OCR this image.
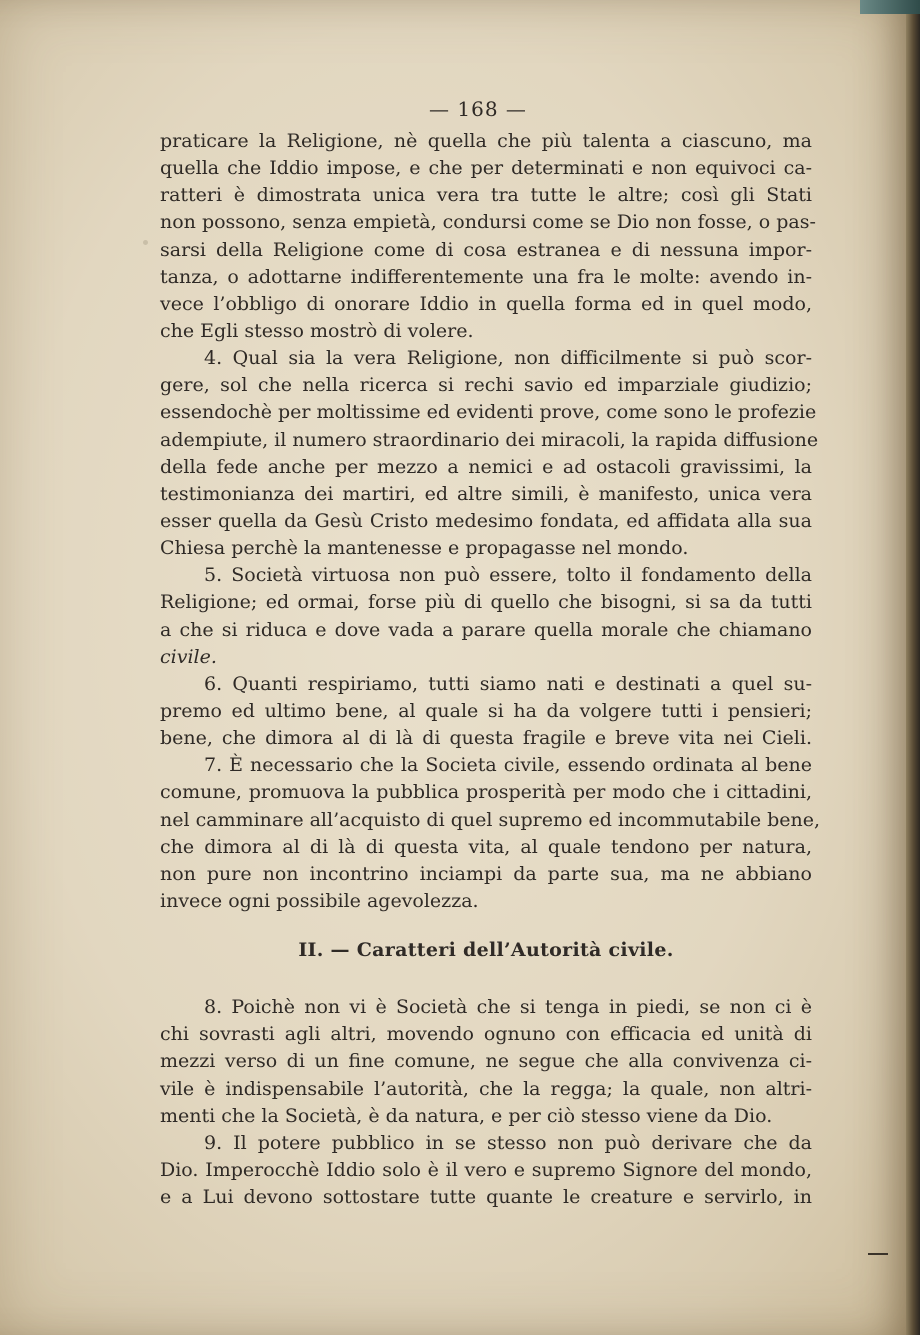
— 168 —
praticare la Religione, nè quella che più talenta a ciascuno, ma
quella che Iddio impose, e che per determinati e non equivoci ca-
ratteri è dimostrata unica vera tra tutte le altre; così gli Stati
non possono, senza empietà, condursi come se Dio non fosse, o pas-
sarsi della Religione come di cosa estranea e di nessuna impor-
tanza, o adottarne indifferentemente una fra le molte: avendo in-
vece l’obbligo di onorare Iddio in quella forma ed in quel modo,
che Egli stesso mostrò di volere.
4. Qual sia la vera Religione, non difficilmente si può scor-
gere, sol che nella ricerca si rechi savio ed imparziale giudizio;
essendochè per moltissime ed evidenti prove, come sono le profezie
adempiute, il numero straordinario dei miracoli, la rapida diffusione
della fede anche per mezzo a nemici e ad ostacoli gravissimi, la
testimonianza dei martiri, ed altre simili, è manifesto, unica vera
esser quella da Gesù Cristo medesimo fondata, ed affidata alla sua
Chiesa perchè la mantenesse e propagasse nel mondo.
5. Società virtuosa non può essere, tolto il fondamento della
Religione; ed ormai, forse più di quello che bisogni, si sa da tutti
a che si riduca e dove vada a parare quella morale che chiamano
civile.
6. Quanti respiriamo, tutti siamo nati e destinati a quel su-
premo ed ultimo bene, al quale si ha da volgere tutti i pensieri;
bene, che dimora al di là di questa fragile e breve vita nei Cieli.
7. È necessario che la Societa civile, essendo ordinata al bene
comune, promuova la pubblica prosperità per modo che i cittadini,
nel camminare all’acquisto di quel supremo ed incommutabile bene,
che dimora al di là di questa vita, al quale tendono per natura,
non pure non incontrino inciampi da parte sua, ma ne abbiano
invece ogni possibile agevolezza.
II. — Caratteri dell’Autorità civile.
8. Poichè non vi è Società che si tenga in piedi, se non ci è
chi sovrasti agli altri, movendo ognuno con efficacia ed unità di
mezzi verso di un fine comune, ne segue che alla convivenza ci-
vile è indispensabile l’autorità, che la regga; la quale, non altri-
menti che la Società, è da natura, e per ciò stesso viene da Dio.
9. Il potere pubblico in se stesso non può derivare che da
Dio. Imperocchè Iddio solo è il vero e supremo Signore del mondo,
e a Lui devono sottostare tutte quante le creature e servirlo, in
